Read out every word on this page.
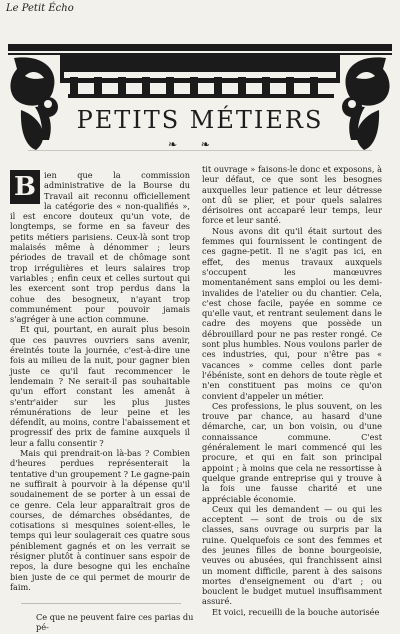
Le Petit Écho
PETITS MÉTIERS
❧ ❧

B ien que la commission administrative de la Bourse du Travail ait reconnu officiellement la catégorie des « non-qualifiés », il est encore douteux qu'un vote, de longtemps, se forme en sa faveur des petits métiers parisiens. Ceux-là sont trop malaisés même à dénommer ; leurs périodes de travail et de chômage sont trop irrégulières et leurs salaires trop variables ; enfin ceux et celles surtout qui les exercent sont trop perdus dans la cohue des besogneux, n'ayant trop communément pour pouvoir jamais s'agréger à une action commune.

Et qui, pourtant, en aurait plus besoin que ces pauvres ouvriers sans avenir, éreintés toute la journée, c'est-à-dire une fois au milieu de la nuit, pour gagner bien juste ce qu'il faut recommencer le lendemain ? Ne serait-il pas souhaitable qu'un effort constant les amenât à s'entr'aider sur les plus justes rémunérations de leur peine et les défendît, au moins, contre l'abaissement et progressif des prix de famine auxquels il leur a fallu consentir ?

Mais qui prendrait-on là-bas ? Combien d'heures perdues représenterait la tentative d'un groupement ? Le gagne-pain ne suffirait à pourvoir à la dépense qu'il soudainement de se porter à un essai de ce genre. Cela leur apparaîtrait gros de courses, de démarches obsédantes, de cotisations si mesquines soient-elles, le temps qui leur soulagerait ces quatre sous péniblement gagnés et on les verrait se résigner plutôt à continuer sans espoir de repos, la dure besogne qui les enchaîne bien juste de ce qui permet de mourir de faim.

Ce que ne peuvent faire ces parias du pé-

tit ouvrage » faisons-le donc et exposons, à leur défaut, ce que sont les besognes auxquelles leur patience et leur détresse ont dû se plier, et pour quels salaires dérisoires ont accaparé leur temps, leur force et leur santé.

Nous avons dit qu'il était surtout des femmes qui fournissent le contingent de ces gagne-petit. Il ne s'agit pas ici, en effet, des menus travaux auxquels s'occupent les manœuvres momentanément sans emploi ou les demi-invalides de l'atelier ou du chantier. Cela, c'est chose facile, payée en somme ce qu'elle vaut, et rentrant seulement dans le cadre des moyens que possède un débrouillard pour ne pas rester rongé. Ce sont plus humbles. Nous voulons parler de ces industries, qui, pour n'être pas « vacances » comme celles dont parle l'ébéniste, sont en dehors de toute règle et n'en constituent pas moins ce qu'on convient d'appeler un métier.

Ces professions, le plus souvent, on les trouve par chance, au hasard d'une démarche, car, un bon voisin, ou d'une connaissance commune. C'est généralement le mari commencé qui les procure, et qui en fait son principal appoint ; à moins que cela ne ressortisse à quelque grande entreprise qui y trouve à la fois une fausse charité et une appréciable économie.

Ceux qui les demandent — ou qui les acceptent — sont de trois ou de six classes, sans ouvrage ou surpris par la ruine. Quelquefois ce sont des femmes et des jeunes filles de bonne bourgeoisie, veuves ou abusées, qui franchissent ainsi un moment difficile, parent à des saisons mortes d'enseignement ou d'art ; ou bouclent le budget mutuel insuffisamment assuré.

Et voici, recueilli de la bouche autorisée
